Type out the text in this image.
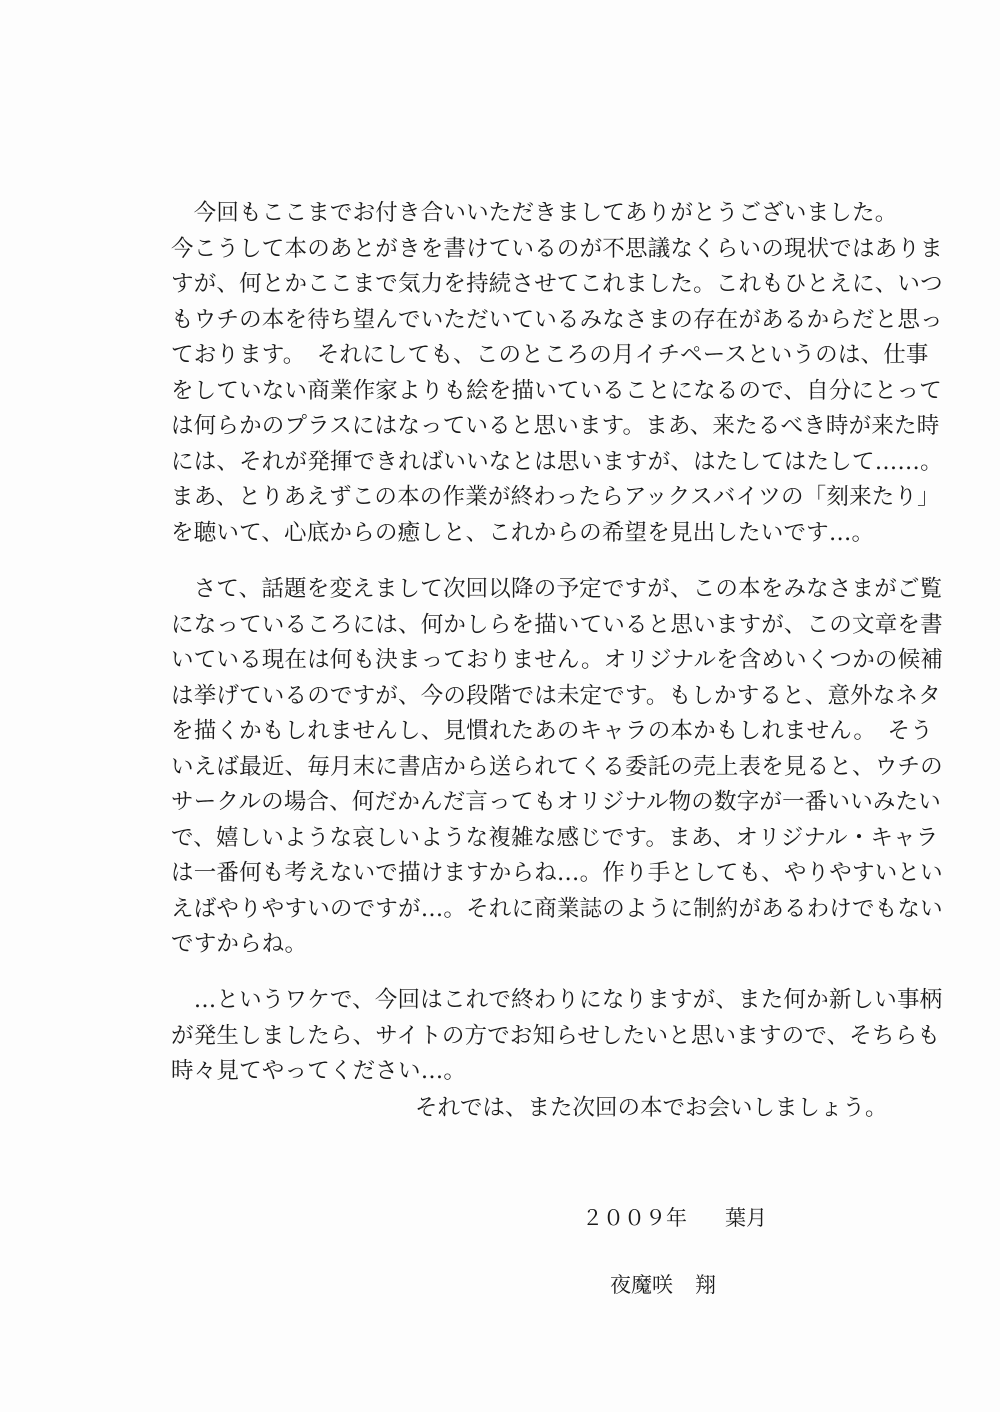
　今回もここまでお付き合いいただきましてありがとうございました。
今こうして本のあとがきを書けているのが不思議なくらいの現状ではありま
すが、何とかここまで気力を持続させてこれました。これもひとえに、いつ
もウチの本を待ち望んでいただいているみなさまの存在があるからだと思っ
ております。　それにしても、このところの月イチペースというのは、仕事
をしていない商業作家よりも絵を描いていることになるので、自分にとって
は何らかのプラスにはなっていると思います。まあ、来たるべき時が来た時
には、それが発揮できればいいなとは思いますが、はたしてはたして……。
まあ、とりあえずこの本の作業が終わったらアックスバイツの「刻来たり」
を聴いて、心底からの癒しと、これからの希望を見出したいです…。
　さて、話題を変えまして次回以降の予定ですが、この本をみなさまがご覧
になっているころには、何かしらを描いていると思いますが、この文章を書
いている現在は何も決まっておりません。オリジナルを含めいくつかの候補
は挙げているのですが、今の段階では未定です。もしかすると、意外なネタ
を描くかもしれませんし、見慣れたあのキャラの本かもしれません。　そう
いえば最近、毎月末に書店から送られてくる委託の売上表を見ると、ウチの
サークルの場合、何だかんだ言ってもオリジナル物の数字が一番いいみたい
で、嬉しいような哀しいような複雑な感じです。まあ、オリジナル・キャラ
は一番何も考えないで描けますからね…。作り手としても、やりやすいとい
えばやりやすいのですが…。それに商業誌のように制約があるわけでもない
ですからね。
　…というワケで、今回はこれで終わりになりますが、また何か新しい事柄
が発生しましたら、サイトの方でお知らせしたいと思いますので、そちらも
時々見てやってください…。
それでは、また次回の本でお会いしましょう。
２００９年 葉月
夜魔咲 翔
